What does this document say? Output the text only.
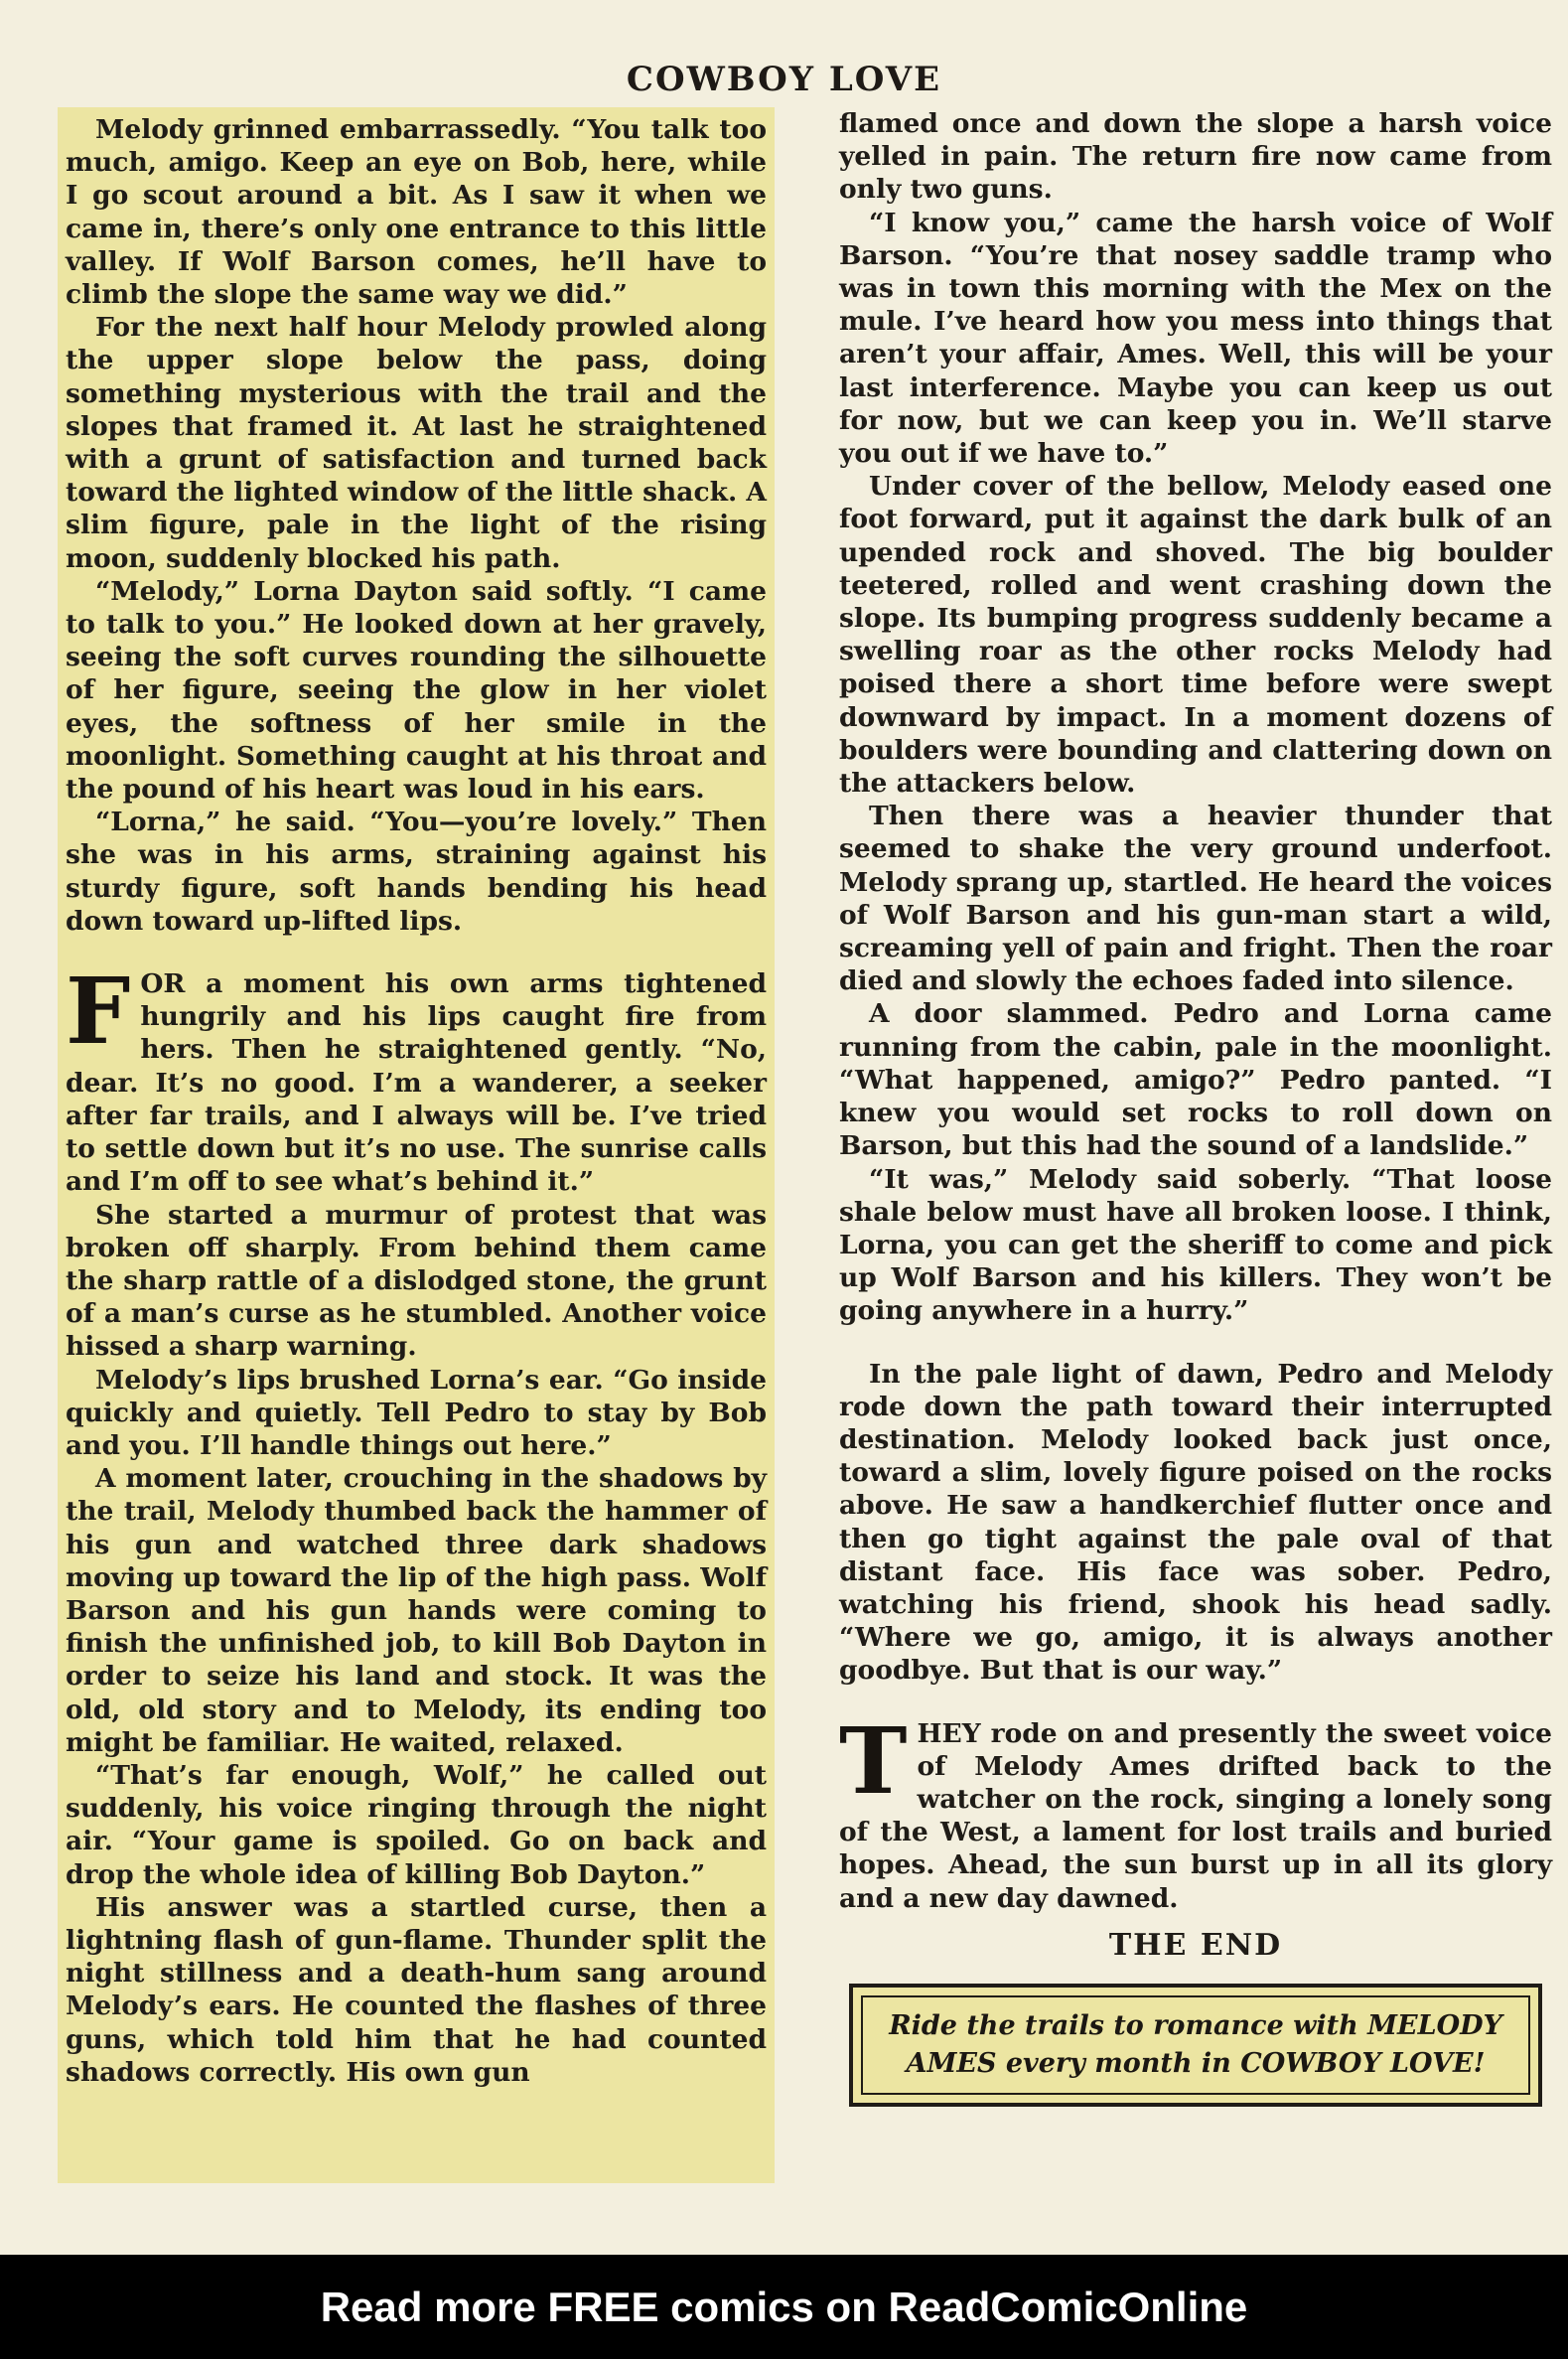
COWBOY LOVE

Melody grinned embarrassedly. “You talk too much, amigo. Keep an eye on Bob, here, while I go scout around a bit. As I saw it when we came in, there’s only one entrance to this little valley. If Wolf Barson comes, he’ll have to climb the slope the same way we did.”

For the next half hour Melody prowled along the upper slope below the pass, doing something mysterious with the trail and the slopes that framed it. At last he straightened with a grunt of satisfaction and turned back toward the lighted window of the little shack. A slim figure, pale in the light of the rising moon, suddenly blocked his path.

“Melody,” Lorna Dayton said softly. “I came to talk to you.” He looked down at her gravely, seeing the soft curves rounding the silhouette of her figure, seeing the glow in her violet eyes, the softness of her smile in the moonlight. Something caught at his throat and the pound of his heart was loud in his ears.

“Lorna,” he said. “You—you’re lovely.” Then she was in his arms, straining against his sturdy figure, soft hands bending his head down toward up-lifted lips.

F OR a moment his own arms tightened hungrily and his lips caught fire from hers. Then he straightened gently. “No, dear. It’s no good. I’m a wanderer, a seeker after far trails, and I always will be. I’ve tried to settle down but it’s no use. The sunrise calls and I’m off to see what’s behind it.”

She started a murmur of protest that was broken off sharply. From behind them came the sharp rattle of a dislodged stone, the grunt of a man’s curse as he stumbled. Another voice hissed a sharp warning.

Melody’s lips brushed Lorna’s ear. “Go inside quickly and quietly. Tell Pedro to stay by Bob and you. I’ll handle things out here.”

A moment later, crouching in the shadows by the trail, Melody thumbed back the hammer of his gun and watched three dark shadows moving up toward the lip of the high pass. Wolf Barson and his gun hands were coming to finish the unfinished job, to kill Bob Dayton in order to seize his land and stock. It was the old, old story and to Melody, its ending too might be familiar. He waited, relaxed.

“That’s far enough, Wolf,” he called out suddenly, his voice ringing through the night air. “Your game is spoiled. Go on back and drop the whole idea of killing Bob Dayton.”

His answer was a startled curse, then a lightning flash of gun-flame. Thunder split the night stillness and a death-hum sang around Melody’s ears. He counted the flashes of three guns, which told him that he had counted shadows correctly. His own gun

flamed once and down the slope a harsh voice yelled in pain. The return fire now came from only two guns.

“I know you,” came the harsh voice of Wolf Barson. “You’re that nosey saddle tramp who was in town this morning with the Mex on the mule. I’ve heard how you mess into things that aren’t your affair, Ames. Well, this will be your last interference. Maybe you can keep us out for now, but we can keep you in. We’ll starve you out if we have to.”

Under cover of the bellow, Melody eased one foot forward, put it against the dark bulk of an upended rock and shoved. The big boulder teetered, rolled and went crashing down the slope. Its bumping progress suddenly became a swelling roar as the other rocks Melody had poised there a short time before were swept downward by impact. In a moment dozens of boulders were bounding and clattering down on the attackers below.

Then there was a heavier thunder that seemed to shake the very ground underfoot. Melody sprang up, startled. He heard the voices of Wolf Barson and his gun-man start a wild, screaming yell of pain and fright. Then the roar died and slowly the echoes faded into silence.

A door slammed. Pedro and Lorna came running from the cabin, pale in the moonlight. “What happened, amigo?” Pedro panted. “I knew you would set rocks to roll down on Barson, but this had the sound of a landslide.”

“It was,” Melody said soberly. “That loose shale below must have all broken loose. I think, Lorna, you can get the sheriff to come and pick up Wolf Barson and his killers. They won’t be going anywhere in a hurry.”

In the pale light of dawn, Pedro and Melody rode down the path toward their interrupted destination. Melody looked back just once, toward a slim, lovely figure poised on the rocks above. He saw a handkerchief flutter once and then go tight against the pale oval of that distant face. His face was sober. Pedro, watching his friend, shook his head sadly. “Where we go, amigo, it is always another goodbye. But that is our way.”

T HEY rode on and presently the sweet voice of Melody Ames drifted back to the watcher on the rock, singing a lonely song of the West, a lament for lost trails and buried hopes. Ahead, the sun burst up in all its glory and a new day dawned.

THE END
Ride the trails to romance with MELODY AMES every month in COWBOY LOVE!
Read more FREE comics on ReadComicOnline
